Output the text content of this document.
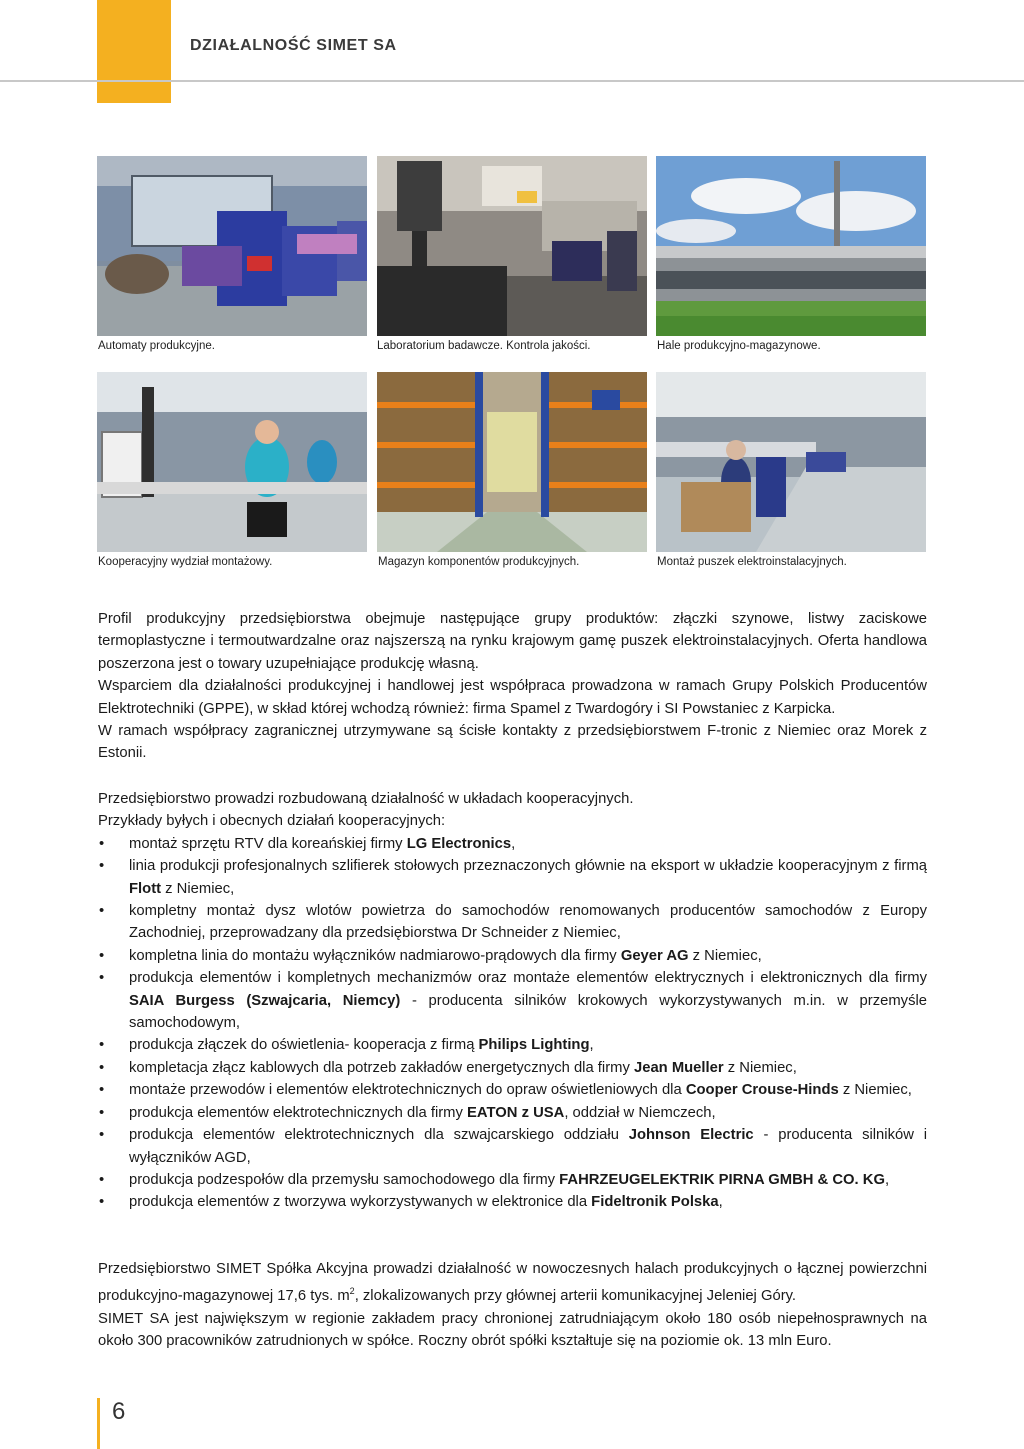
DZIAŁALNOŚĆ SIMET SA
Automaty produkcyjne.	Laboratorium badawcze. Kontrola jakości.	Hale produkcyjno-magazynowe.
Kooperacyjny wydział montażowy.	Magazyn komponentów produkcyjnych.	Montaż puszek elektroinstalacyjnych.

Profil produkcyjny przedsiębiorstwa obejmuje następujące grupy produktów: złączki szynowe, listwy zaciskowe termoplastyczne i termoutwardzalne oraz najszerszą na rynku krajowym gamę puszek elektroinstalacyjnych. Oferta handlowa poszerzona jest o towary uzupełniające produkcję własną.

Wsparciem dla działalności produkcyjnej i handlowej jest współpraca prowadzona w ramach Grupy Polskich Producentów Elektrotechniki (GPPE), w skład której wchodzą również: firma Spamel z Twardogóry i SI Powstaniec z Karpicka.

W ramach współpracy zagranicznej utrzymywane są ścisłe kontakty z przedsiębiorstwem F-tronic z Niemiec oraz Morek z Estonii.

Przedsiębiorstwo prowadzi rozbudowaną działalność w układach kooperacyjnych.

Przykłady byłych i obecnych działań kooperacyjnych:

• montaż sprzętu RTV dla koreańskiej firmy LG Electronics,
• linia produkcji profesjonalnych szlifierek stołowych przeznaczonych głównie na eksport w układzie kooperacyjnym z firmą Flott z Niemiec,
• kompletny montaż dysz wlotów powietrza do samochodów renomowanych producentów samochodów z Europy Zachodniej, przeprowadzany dla przedsiębiorstwa Dr Schneider z Niemiec,
• kompletna linia do montażu wyłączników nadmiarowo-prądowych dla firmy Geyer AG z Niemiec,
• produkcja elementów i kompletnych mechanizmów oraz montaże elementów elektrycznych i elektronicznych dla firmy SAIA Burgess (Szwajcaria, Niemcy) - producenta silników krokowych wykorzystywanych m.in. w przemyśle samochodowym,
• produkcja złączek do oświetlenia- kooperacja z firmą Philips Lighting,
• kompletacja złącz kablowych dla potrzeb zakładów energetycznych dla firmy Jean Mueller z Niemiec,
• montaże przewodów i elementów elektrotechnicznych do opraw oświetleniowych dla Cooper Crouse-Hinds z Niemiec,
• produkcja elementów elektrotechnicznych dla firmy EATON z USA, oddział w Niemczech,
• produkcja elementów elektrotechnicznych dla szwajcarskiego oddziału Johnson Electric - producenta silników i wyłączników AGD,
• produkcja podzespołów dla przemysłu samochodowego dla firmy FAHRZEUGELEKTRIK PIRNA GMBH & CO. KG,
• produkcja elementów z tworzywa wykorzystywanych w elektronice dla Fideltronik Polska,

Przedsiębiorstwo SIMET Spółka Akcyjna prowadzi działalność w nowoczesnych halach produkcyjnych o łącznej powierzchni produkcyjno-magazynowej 17,6 tys. $m^2$, zlokalizowanych przy głównej arterii komunikacyjnej Jeleniej Góry.

SIMET SA jest największym w regionie zakładem pracy chronionej zatrudniającym około 180 osób niepełnosprawnych na około 300 pracowników zatrudnionych w spółce. Roczny obrót spółki kształtuje się na poziomie ok. 13 mln Euro.

6
